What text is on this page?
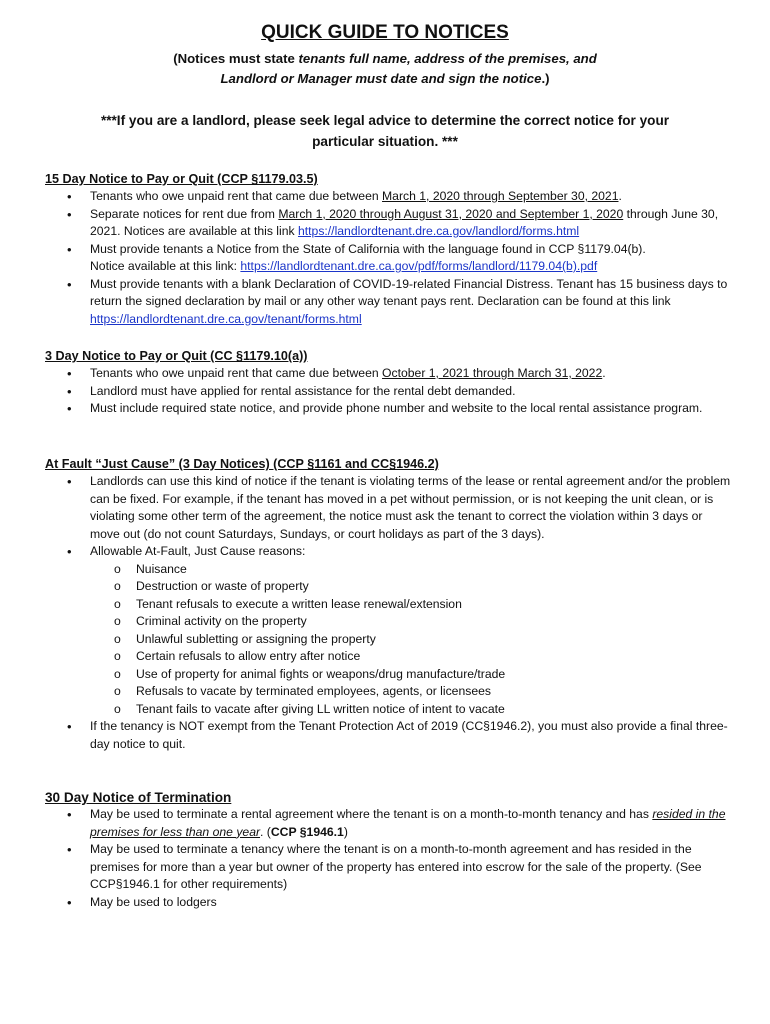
QUICK GUIDE TO NOTICES
(Notices must state tenants full name, address of the premises, and
Landlord or Manager must date and sign the notice.)
***If you are a landlord, please seek legal advice to determine the correct notice for your
particular situation. ***
15 Day Notice to Pay or Quit (CCP §1179.03.5)
• Tenants who owe unpaid rent that came due between March 1, 2020 through September 30, 2021.
• Separate notices for rent due from March 1, 2020 through August 31, 2020 and September 1, 2020 through June 30, 2021. Notices are available at this link https://landlordtenant.dre.ca.gov/landlord/forms.html
• Must provide tenants a Notice from the State of California with the language found in CCP §1179.04(b).
Notice available at this link: https://landlordtenant.dre.ca.gov/pdf/forms/landlord/1179.04(b).pdf
• Must provide tenants with a blank Declaration of COVID-19-related Financial Distress. Tenant has 15 business days to return the signed declaration by mail or any other way tenant pays rent. Declaration can be found at this link https://landlordtenant.dre.ca.gov/tenant/forms.html
3 Day Notice to Pay or Quit (CC §1179.10(a))
• Tenants who owe unpaid rent that came due between October 1, 2021 through March 31, 2022.
• Landlord must have applied for rental assistance for the rental debt demanded.
• Must include required state notice, and provide phone number and website to the local rental assistance program.
At Fault “Just Cause” (3 Day Notices) (CCP §1161 and CC§1946.2)
• Landlords can use this kind of notice if the tenant is violating terms of the lease or rental agreement and/or the problem can be fixed. For example, if the tenant has moved in a pet without permission, or is not keeping the unit clean, or is violating some other term of the agreement, the notice must ask the tenant to correct the violation within 3 days or move out (do not count Saturdays, Sundays, or court holidays as part of the 3 days).
• Allowable At-Fault, Just Cause reasons:
o Nuisance
o Destruction or waste of property
o Tenant refusals to execute a written lease renewal/extension
o Criminal activity on the property
o Unlawful subletting or assigning the property
o Certain refusals to allow entry after notice
o Use of property for animal fights or weapons/drug manufacture/trade
o Refusals to vacate by terminated employees, agents, or licensees
o Tenant fails to vacate after giving LL written notice of intent to vacate
• If the tenancy is NOT exempt from the Tenant Protection Act of 2019 (CC§1946.2), you must also provide a final three-day notice to quit.
30 Day Notice of Termination
• May be used to terminate a rental agreement where the tenant is on a month-to-month tenancy and has resided in the premises for less than one year. (CCP §1946.1)
• May be used to terminate a tenancy where the tenant is on a month-to-month agreement and has resided in the premises for more than a year but owner of the property has entered into escrow for the sale of the property. (See CCP§1946.1 for other requirements)
• May be used to lodgers
